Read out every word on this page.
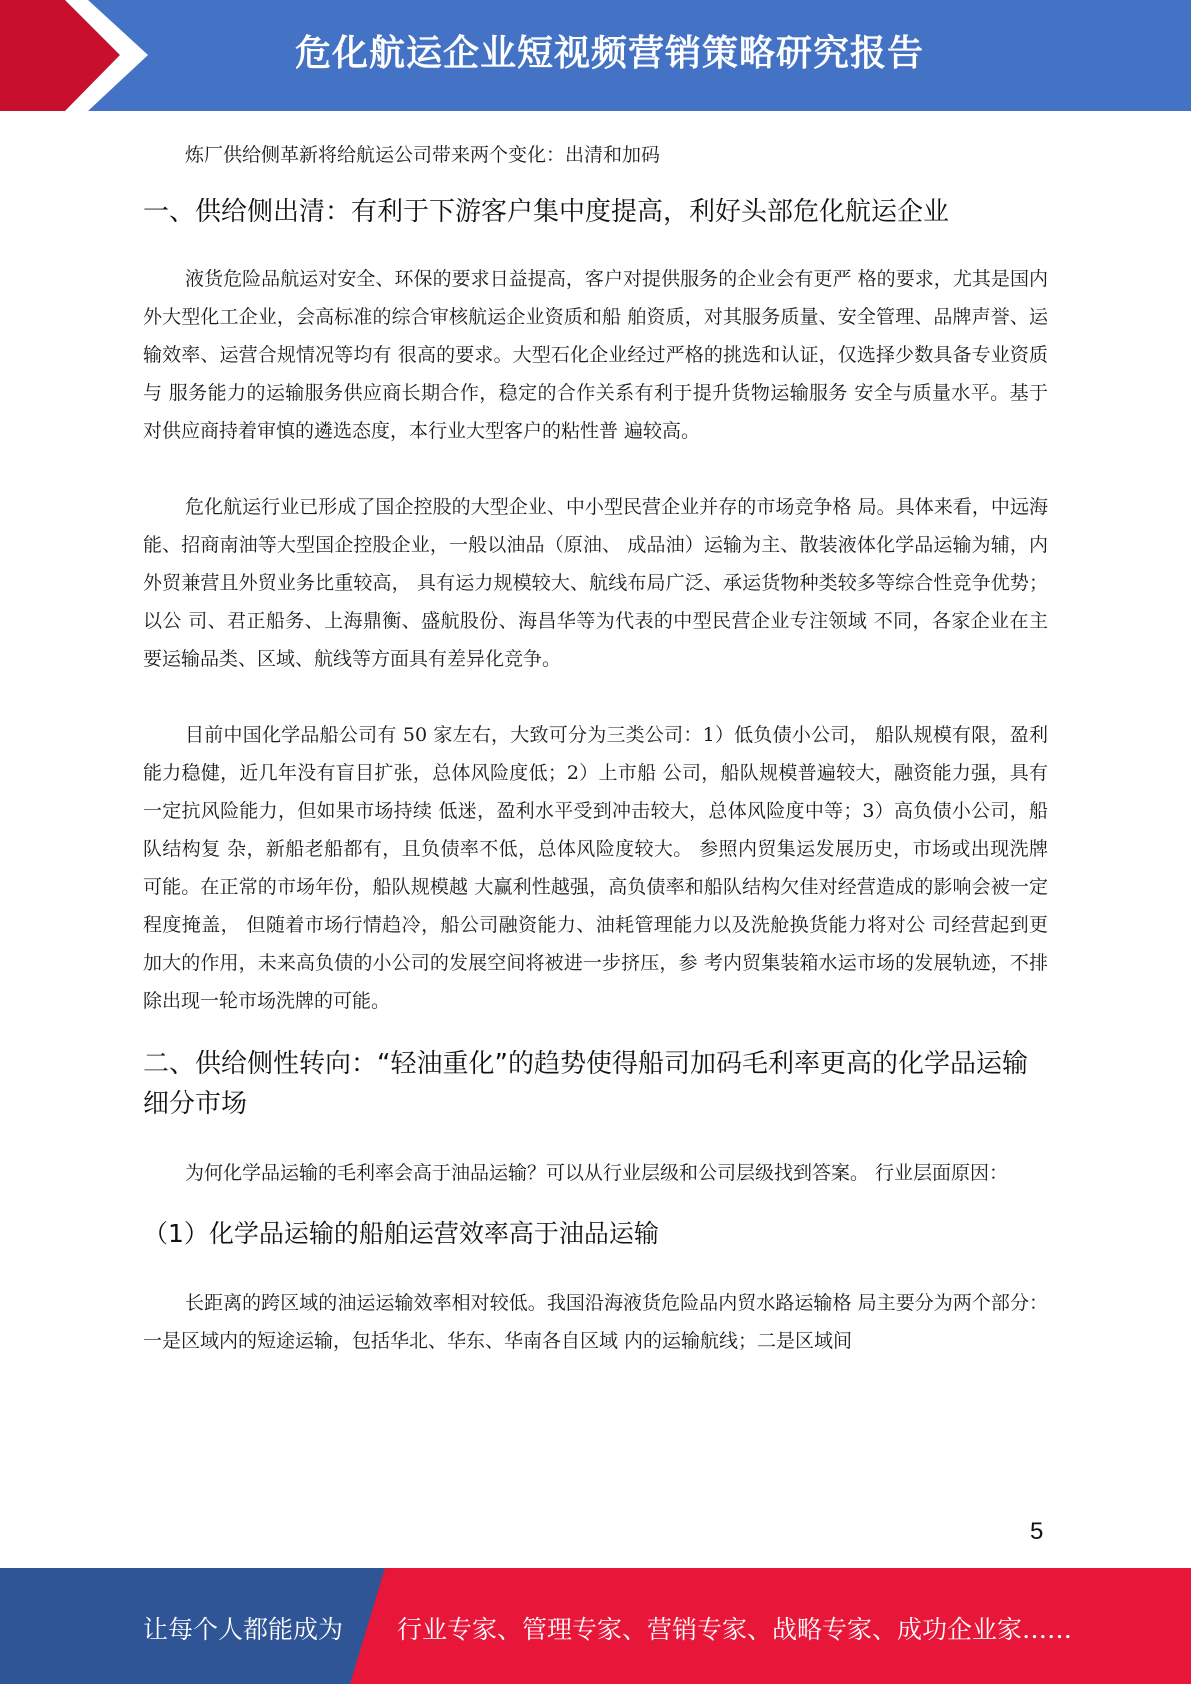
危化航运企业短视频营销策略研究报告

炼厂供给侧革新将给航运公司带来两个变化：出清和加码

一、供给侧出清：有利于下游客户集中度提高，利好头部危化航运企业

液货危险品航运对安全、环保的要求日益提高，客户对提供服务的企业会有更严 格的要求，尤其是国内外大型化工企业，会高标准的综合审核航运企业资质和船 舶资质，对其服务质量、安全管理、品牌声誉、运输效率、运营合规情况等均有 很高的要求。大型石化企业经过严格的挑选和认证，仅选择少数具备专业资质与 服务能力的运输服务供应商长期合作，稳定的合作关系有利于提升货物运输服务 安全与质量水平。基于对供应商持着审慎的遴选态度，本行业大型客户的粘性普 遍较高。

危化航运行业已形成了国企控股的大型企业、中小型民营企业并存的市场竞争格 局。具体来看，中远海能、招商南油等大型国企控股企业，一般以油品（原油、 成品油）运输为主、散装液体化学品运输为辅，内外贸兼营且外贸业务比重较高， 具有运力规模较大、航线布局广泛、承运货物种类较多等综合性竞争优势；以公 司、君正船务、上海鼎衡、盛航股份、海昌华等为代表的中型民营企业专注领域 不同，各家企业在主要运输品类、区域、航线等方面具有差异化竞争。

目前中国化学品船公司有 50 家左右，大致可分为三类公司：1）低负债小公司， 船队规模有限，盈利能力稳健，近几年没有盲目扩张，总体风险度低；2）上市船 公司，船队规模普遍较大，融资能力强，具有一定抗风险能力，但如果市场持续 低迷，盈利水平受到冲击较大，总体风险度中等；3）高负债小公司，船队结构复 杂，新船老船都有，且负债率不低，总体风险度较大。 参照内贸集运发展历史，市场或出现洗牌可能。在正常的市场年份，船队规模越 大赢利性越强，高负债率和船队结构欠佳对经营造成的影响会被一定程度掩盖， 但随着市场行情趋冷，船公司融资能力、油耗管理能力以及洗舱换货能力将对公 司经营起到更加大的作用，未来高负债的小公司的发展空间将被进一步挤压，参 考内贸集装箱水运市场的发展轨迹，不排除出现一轮市场洗牌的可能。

二、供给侧性转向：“轻油重化”的趋势使得船司加码毛利率更高的化学品运输 细分市场

为何化学品运输的毛利率会高于油品运输？可以从行业层级和公司层级找到答案。 行业层面原因：

（1）化学品运输的船舶运营效率高于油品运输

长距离的跨区域的油运运输效率相对较低。我国沿海液货危险品内贸水路运输格 局主要分为两个部分：一是区域内的短途运输，包括华北、华东、华南各自区域 内的运输航线；二是区域间

5
让每个人都能成为 行业专家、管理专家、营销专家、战略专家、成功企业家……
